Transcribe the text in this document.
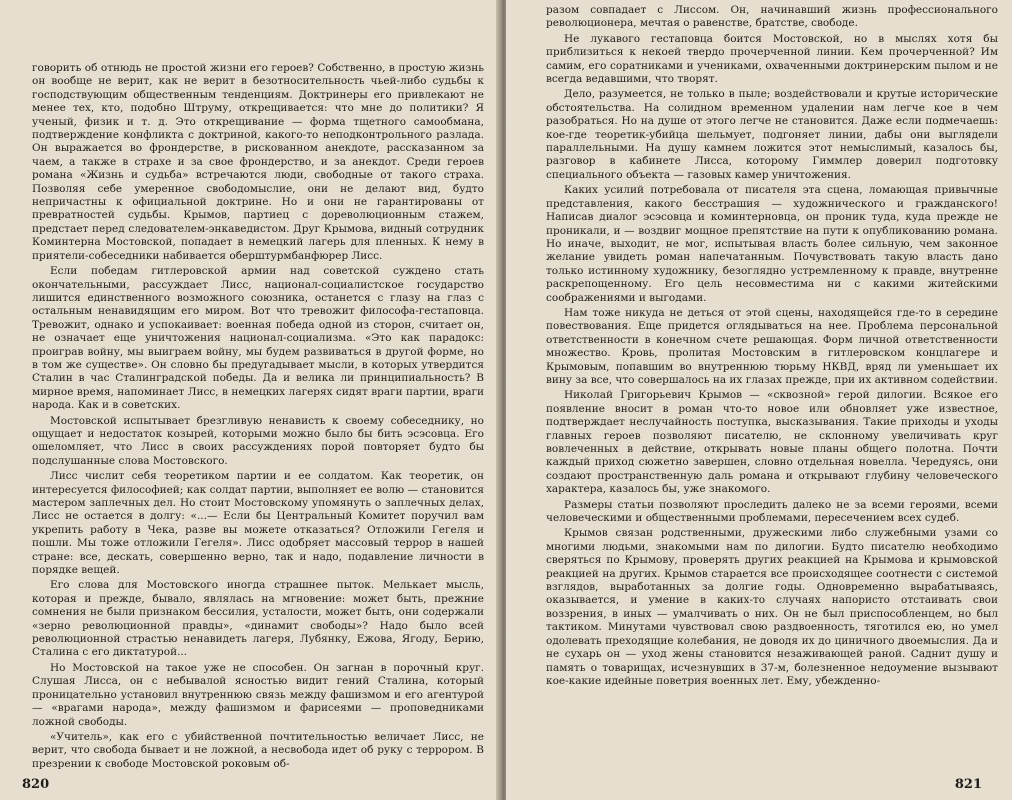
говорить об отнюдь не простой жизни его героев? Собственно, в простую жизнь он вообще не верит, как не верит в безотносительность чьей-либо судьбы к господствующим общественным тенденциям. Доктринеры его привлекают не менее тех, кто, подобно Штруму, открещивается: что мне до политики? Я ученый, физик и т. д. Это открещивание — форма тщетного самообмана, подтверждение конфликта с доктриной, какого-то неподконтрольного разлада. Он выражается во фрондерстве, в рискованном анекдоте, рассказанном за чаем, а также в страхе и за свое фрондерство, и за анекдот. Среди героев романа «Жизнь и судьба» встречаются люди, свободные от такого страха. Позволяя себе умеренное свободомыслие, они не делают вид, будто непричастны к официальной доктрине. Но и они не гарантированы от превратностей судьбы. Крымов, партиец с дореволюционным стажем, предстает перед следователем-энкаведистом. Друг Крымова, видный сотрудник Коминтерна Мостовской, попадает в немецкий лагерь для пленных. К нему в приятели-собеседники набивается оберштурмбанфюрер Лисс.

Если победам гитлеровской армии над советской суждено стать окончательными, рассуждает Лисс, национал-социалистское государство лишится единственного возможного союзника, останется с глазу на глаз с остальным ненавидящим его миром. Вот что тревожит философа-гестаповца. Тревожит, однако и успокаивает: военная победа одной из сторон, считает он, не означает еще уничтожения национал-социализма. «Это как парадокс: проиграв войну, мы выиграем войну, мы будем развиваться в другой форме, но в том же существе». Он словно бы предугадывает мысли, в которых утвердится Сталин в час Сталинградской победы. Да и велика ли принципиальность? В мирное время, напоминает Лисс, в немецких лагерях сидят враги партии, враги народа. Как и в советских.

Мостовской испытывает брезгливую ненависть к своему собеседнику, но ощущает и недостаток козырей, которыми можно было бы бить эсэсовца. Его ошеломляет, что Лисс в своих рассуждениях порой повторяет будто бы подслушанные слова Мостовского.

Лисс числит себя теоретиком партии и ее солдатом. Как теоретик, он интересуется философией; как солдат партии, выполняет ее волю — становится мастером заплечных дел. Но стоит Мостовскому упомянуть о заплечных делах, Лисс не остается в долгу: «...— Если бы Центральный Комитет поручил вам укрепить работу в Чека, разве вы можете отказаться? Отложили Гегеля и пошли. Мы тоже отложили Гегеля». Лисс одобряет массовый террор в нашей стране: все, дескать, совершенно верно, так и надо, подавление личности в порядке вещей.

Его слова для Мостовского иногда страшнее пыток. Мелькает мысль, которая и прежде, бывало, являлась на мгновение: может быть, прежние сомнения не были признаком бессилия, усталости, может быть, они содержали «зерно революционной правды», «динамит свободы»? Надо было всей революционной страстью ненавидеть лагеря, Лубянку, Ежова, Ягоду, Берию, Сталина с его диктатурой...

Но Мостовской на такое уже не способен. Он загнан в порочный круг. Слушая Лисса, он с небывалой ясностью видит гений Сталина, который проницательно установил внутреннюю связь между фашизмом и его агентурой — «врагами народа», между фашизмом и фарисеями — проповедниками ложной свободы.

«Учитель», как его с убийственной почтительностью величает Лисс, не верит, что свобода бывает и не ложной, а несвобода идет об руку с террором. В презрении к свободе Мостовской роковым об-

820

разом совпадает с Лиссом. Он, начинавший жизнь профессионального революционера, мечтая о равенстве, братстве, свободе.

Не лукавого гестаповца боится Мостовской, но в мыслях хотя бы приблизиться к некоей твердо прочерченной линии. Кем прочерченной? Им самим, его соратниками и учениками, охваченными доктринерским пылом и не всегда ведавшими, что творят.

Дело, разумеется, не только в пыле; воздействовали и крутые исторические обстоятельства. На солидном временном удалении нам легче кое в чем разобраться. Но на душе от этого легче не становится. Даже если подмечаешь: кое-где теоретик-убийца шельмует, подгоняет линии, дабы они выглядели параллельными. На душу камнем ложится этот немыслимый, казалось бы, разговор в кабинете Лисса, которому Гиммлер доверил подготовку специального объекта — газовых камер уничтожения.

Каких усилий потребовала от писателя эта сцена, ломающая привычные представления, какого бесстрашия — художнического и гражданского! Написав диалог эсэсовца и коминтерновца, он проник туда, куда прежде не проникали, и — воздвиг мощное препятствие на пути к опубликованию романа. Но иначе, выходит, не мог, испытывая власть более сильную, чем законное желание увидеть роман напечатанным. Почувствовать такую власть дано только истинному художнику, безоглядно устремленному к правде, внутренне раскрепощенному. Его цель несовместима ни с какими житейскими соображениями и выгодами.

Нам тоже никуда не деться от этой сцены, находящейся где-то в середине повествования. Еще придется оглядываться на нее. Проблема персональной ответственности в конечном счете решающая. Форм личной ответственности множество. Кровь, пролитая Мостовским в гитлеровском концлагере и Крымовым, попавшим во внутреннюю тюрьму НКВД, вряд ли уменьшает их вину за все, что совершалось на их глазах прежде, при их активном содействии.

Николай Григорьевич Крымов — «сквозной» герой дилогии. Всякое его появление вносит в роман что-то новое или обновляет уже известное, подтверждает неслучайность поступка, высказывания. Такие приходы и уходы главных героев позволяют писателю, не склонному увеличивать круг вовлеченных в действие, открывать новые планы общего полотна. Почти каждый приход сюжетно завершен, словно отдельная новелла. Чередуясь, они создают пространственную даль романа и открывают глубину человеческого характера, казалось бы, уже знакомого.

Размеры статьи позволяют проследить далеко не за всеми героями, всеми человеческими и общественными проблемами, пересечением всех судеб.

Крымов связан родственными, дружескими либо служебными узами со многими людьми, знакомыми нам по дилогии. Будто писателю необходимо сверяться по Крымову, проверять других реакцией на Крымова и крымовской реакцией на других. Крымов старается все происходящее соотнести с системой взглядов, выработанных за долгие годы. Одновременно вырабатываясь, оказывается, и умение в каких-то случаях напористо отстаивать свои воззрения, в иных — умалчивать о них. Он не был приспособленцем, но был тактиком. Минутами чувствовал свою раздвоенность, тяготился ею, но умел одолевать преходящие колебания, не доводя их до циничного двоемыслия. Да и не сухарь он — уход жены становится незаживающей раной. Саднит душу и память о товарищах, исчезнувших в 37-м, болезненное недоумение вызывают кое-какие идейные поветрия военных лет. Ему, убежденно-

821
